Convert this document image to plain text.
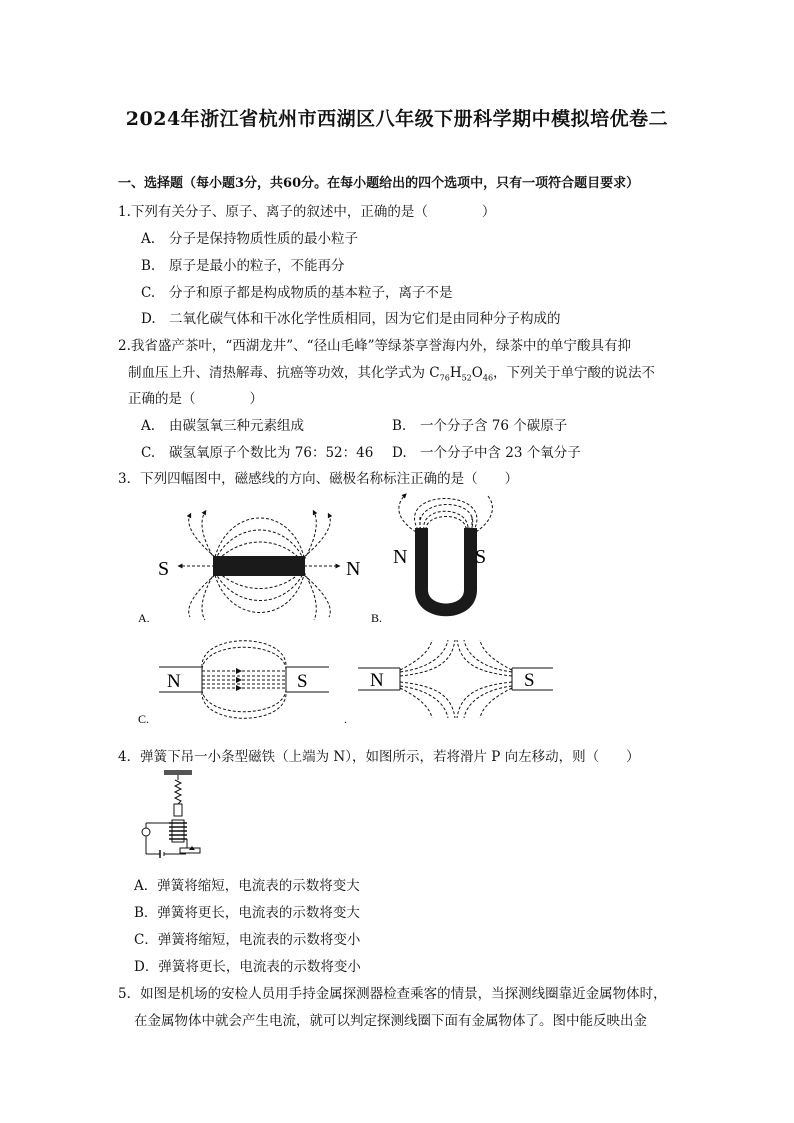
2024年浙江省杭州市西湖区八年级下册科学期中模拟培优卷二
一、选择题（每小题3分，共60分。在每小题给出的四个选项中，只有一项符合题目要求）
1.下列有关分子、原子、离子的叙述中，正确的是（　　　　）
A. 分子是保持物质性质的最小粒子
B. 原子是最小的粒子，不能再分
C. 分子和原子都是构成物质的基本粒子，离子不是
D. 二氧化碳气体和干冰化学性质相同，因为它们是由同种分子构成的
2.我省盛产茶叶，“西湖龙井”、“径山毛峰”等绿茶享誉海内外，绿茶中的单宁酸具有抑
制血压上升、清热解毒、抗癌等功效，其化学式为 $C_{76}H_{52}O_{46}$，下列关于单宁酸的说法不
正确的是（　　　　）
A. 由碳氢氧三种元素组成	B. 一个分子含 76 个碳原子
C. 碳氢氧原子个数比为 76：52：46 D. 一个分子中含 23 个氧分子
3．下列四幅图中，磁感线的方向、磁极名称标注正确的是（　　）
S	N
A.
N	S
B.
N	S
C.
N	S
.
4．弹簧下吊一小条型磁铁（上端为 N），如图所示，若将滑片 P 向左移动，则（　　）
A．弹簧将缩短，电流表的示数将变大
B．弹簧将更长，电流表的示数将变大
C．弹簧将缩短，电流表的示数将变小
D．弹簧将更长，电流表的示数将变小
5．如图是机场的安检人员用手持金属探测器检查乘客的情景，当探测线圈靠近金属物体时，
在金属物体中就会产生电流，就可以判定探测线圈下面有金属物体了。图中能反映出金
